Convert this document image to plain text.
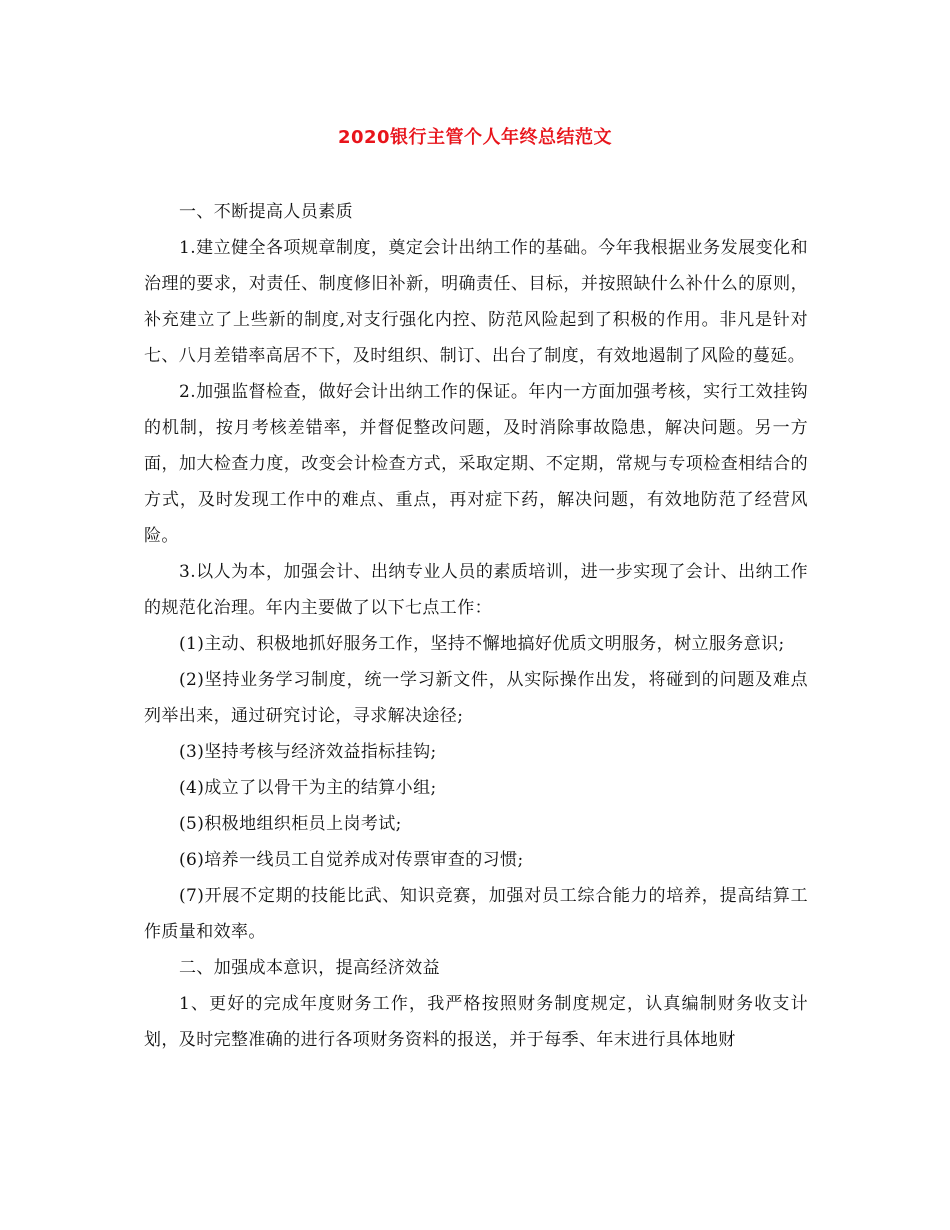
2020银行主管个人年终总结范文

一、不断提高人员素质

1.建立健全各项规章制度，奠定会计出纳工作的基础。今年我根据业务发展变化和治理的要求，对责任、制度修旧补新，明确责任、目标，并按照缺什么补什么的原则，补充建立了上些新的制度,对支行强化内控、防范风险起到了积极的作用。非凡是针对七、八月差错率高居不下，及时组织、制订、出台了制度，有效地遏制了风险的蔓延。

2.加强监督检查，做好会计出纳工作的保证。年内一方面加强考核，实行工效挂钩的机制，按月考核差错率，并督促整改问题，及时消除事故隐患，解决问题。另一方面，加大检查力度，改变会计检查方式，采取定期、不定期，常规与专项检查相结合的方式，及时发现工作中的难点、重点，再对症下药，解决问题，有效地防范了经营风险。

3.以人为本，加强会计、出纳专业人员的素质培训，进一步实现了会计、出纳工作的规范化治理。年内主要做了以下七点工作：

(1)主动、积极地抓好服务工作，坚持不懈地搞好优质文明服务，树立服务意识;

(2)坚持业务学习制度，统一学习新文件，从实际操作出发，将碰到的问题及难点列举出来，通过研究讨论，寻求解决途径;

(3)坚持考核与经济效益指标挂钩;

(4)成立了以骨干为主的结算小组;

(5)积极地组织柜员上岗考试;

(6)培养一线员工自觉养成对传票审查的习惯;

(7)开展不定期的技能比武、知识竞赛，加强对员工综合能力的培养，提高结算工作质量和效率。

二、加强成本意识，提高经济效益

1、更好的完成年度财务工作，我严格按照财务制度规定，认真编制财务收支计划，及时完整准确的进行各项财务资料的报送，并于每季、年末进行具体地财
